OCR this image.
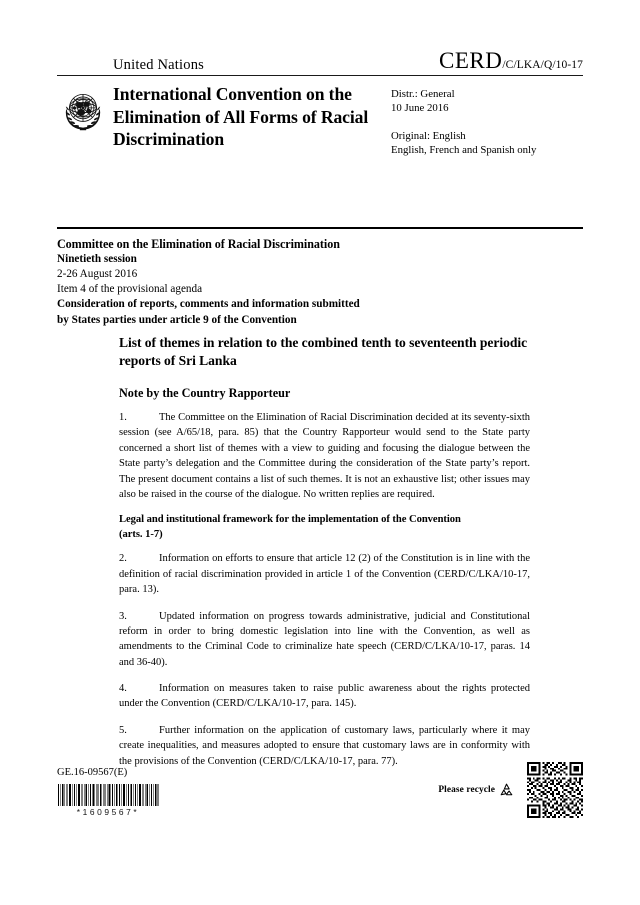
United Nations	CERD/C/LKA/Q/10-17
International Convention on the Elimination of All Forms of Racial Discrimination
Distr.: General
10 June 2016
Original: English
English, French and Spanish only
Committee on the Elimination of Racial Discrimination
Ninetieth session
2-26 August 2016
Item 4 of the provisional agenda
Consideration of reports, comments and information submitted
by States parties under article 9 of the Convention
List of themes in relation to the combined tenth to seventeenth periodic reports of Sri Lanka
Note by the Country Rapporteur

1.	The Committee on the Elimination of Racial Discrimination decided at its seventy-sixth session (see A/65/18, para. 85) that the Country Rapporteur would send to the State party concerned a short list of themes with a view to guiding and focusing the dialogue between the State party’s delegation and the Committee during the consideration of the State party’s report. The present document contains a list of such themes. It is not an exhaustive list; other issues may also be raised in the course of the dialogue. No written replies are required.

Legal and institutional framework for the implementation of the Convention
(arts. 1-7)

2.	Information on efforts to ensure that article 12 (2) of the Constitution is in line with the definition of racial discrimination provided in article 1 of the Convention (CERD/C/LKA/10-17, para. 13).

3.	Updated information on progress towards administrative, judicial and Constitutional reform in order to bring domestic legislation into line with the Convention, as well as amendments to the Criminal Code to criminalize hate speech (CERD/C/LKA/10-17, paras. 14 and 36-40).

4.	Information on measures taken to raise public awareness about the rights protected under the Convention (CERD/C/LKA/10-17, para. 145).

5.	Further information on the application of customary laws, particularly where it may create inequalities, and measures adopted to ensure that customary laws are in conformity with the provisions of the Convention (CERD/C/LKA/10-17, para. 77).

GE.16-09567(E)
*1609567*
Please recycle
